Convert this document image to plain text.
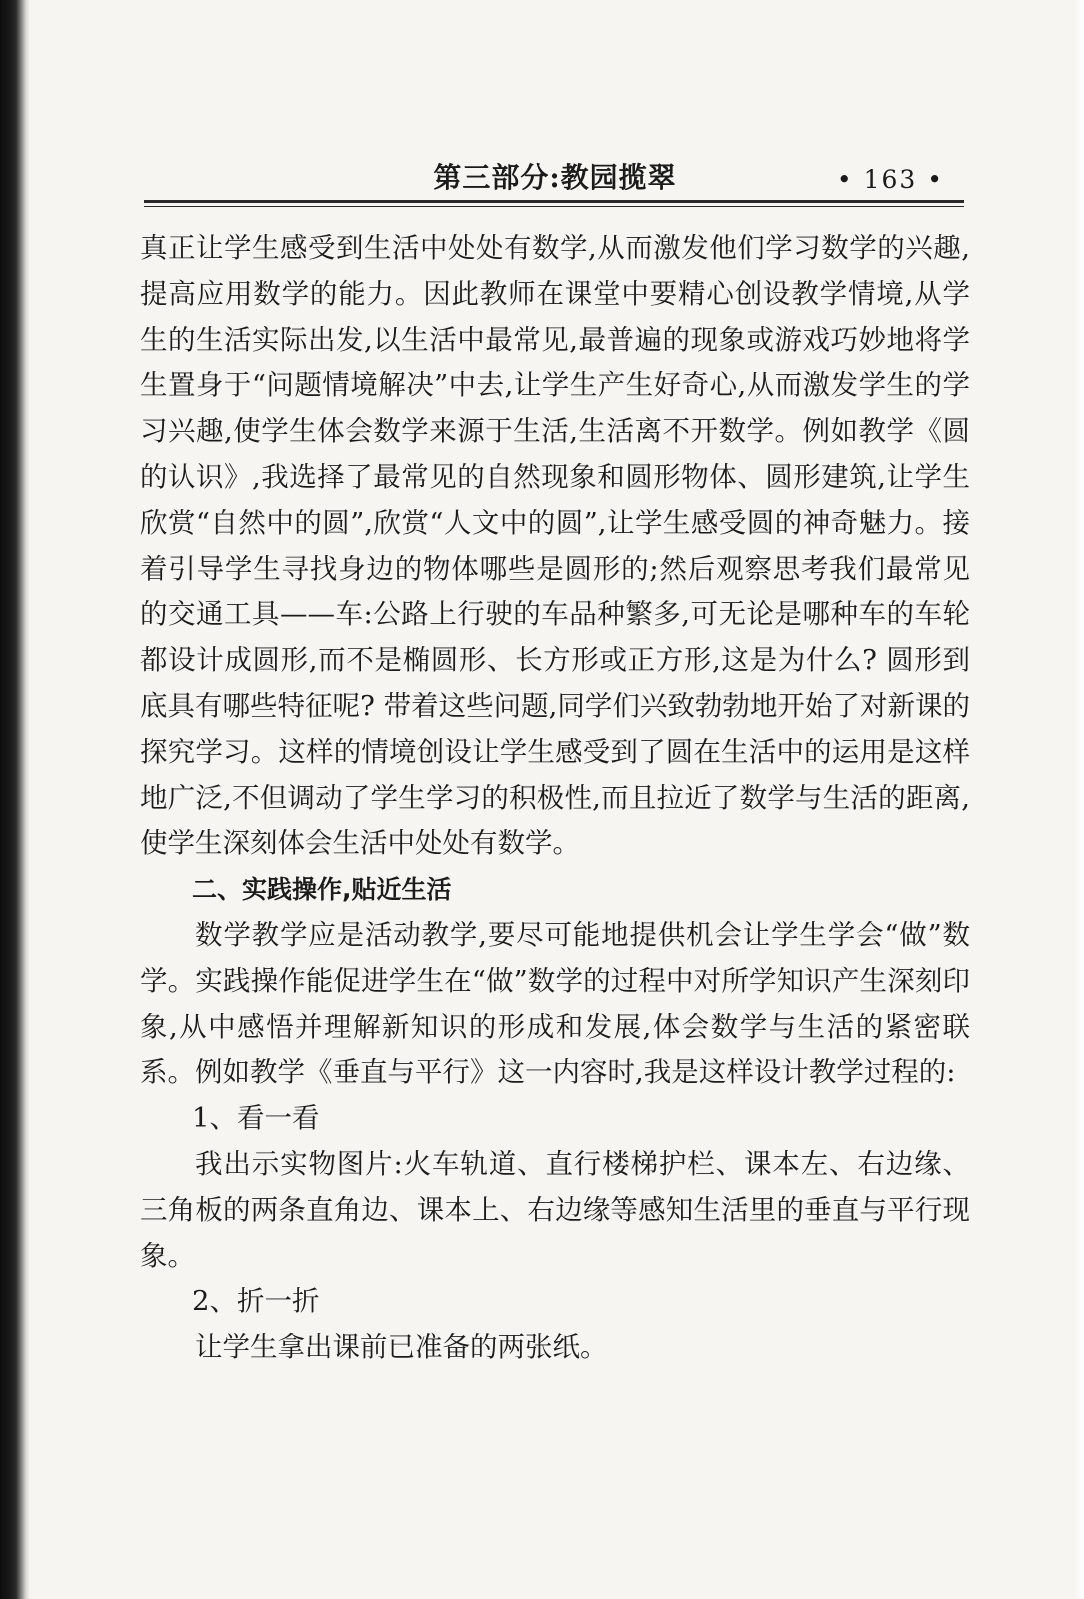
第三部分:教园揽翠	• 163 •

真正让学生感受到生活中处处有数学,从而激发他们学习数学的兴趣,提高应用数学的能力。因此教师在课堂中要精心创设教学情境,从学生的生活实际出发,以生活中最常见,最普遍的现象或游戏巧妙地将学生置身于“问题情境解决”中去,让学生产生好奇心,从而激发学生的学习兴趣,使学生体会数学来源于生活,生活离不开数学。例如教学《圆的认识》,我选择了最常见的自然现象和圆形物体、圆形建筑,让学生欣赏“自然中的圆”,欣赏“人文中的圆”,让学生感受圆的神奇魅力。接着引导学生寻找身边的物体哪些是圆形的;然后观察思考我们最常见的交通工具——车:公路上行驶的车品种繁多,可无论是哪种车的车轮都设计成圆形,而不是椭圆形、长方形或正方形,这是为什么? 圆形到底具有哪些特征呢? 带着这些问题,同学们兴致勃勃地开始了对新课的探究学习。这样的情境创设让学生感受到了圆在生活中的运用是这样地广泛,不但调动了学生学习的积极性,而且拉近了数学与生活的距离,使学生深刻体会生活中处处有数学。

二、实践操作,贴近生活

数学教学应是活动教学,要尽可能地提供机会让学生学会“做”数学。实践操作能促进学生在“做”数学的过程中对所学知识产生深刻印象,从中感悟并理解新知识的形成和发展,体会数学与生活的紧密联系。例如教学《垂直与平行》这一内容时,我是这样设计教学过程的:

1、看一看

我出示实物图片:火车轨道、直行楼梯护栏、课本左、右边缘、三角板的两条直角边、课本上、右边缘等感知生活里的垂直与平行现象。

2、折一折

让学生拿出课前已准备的两张纸。
